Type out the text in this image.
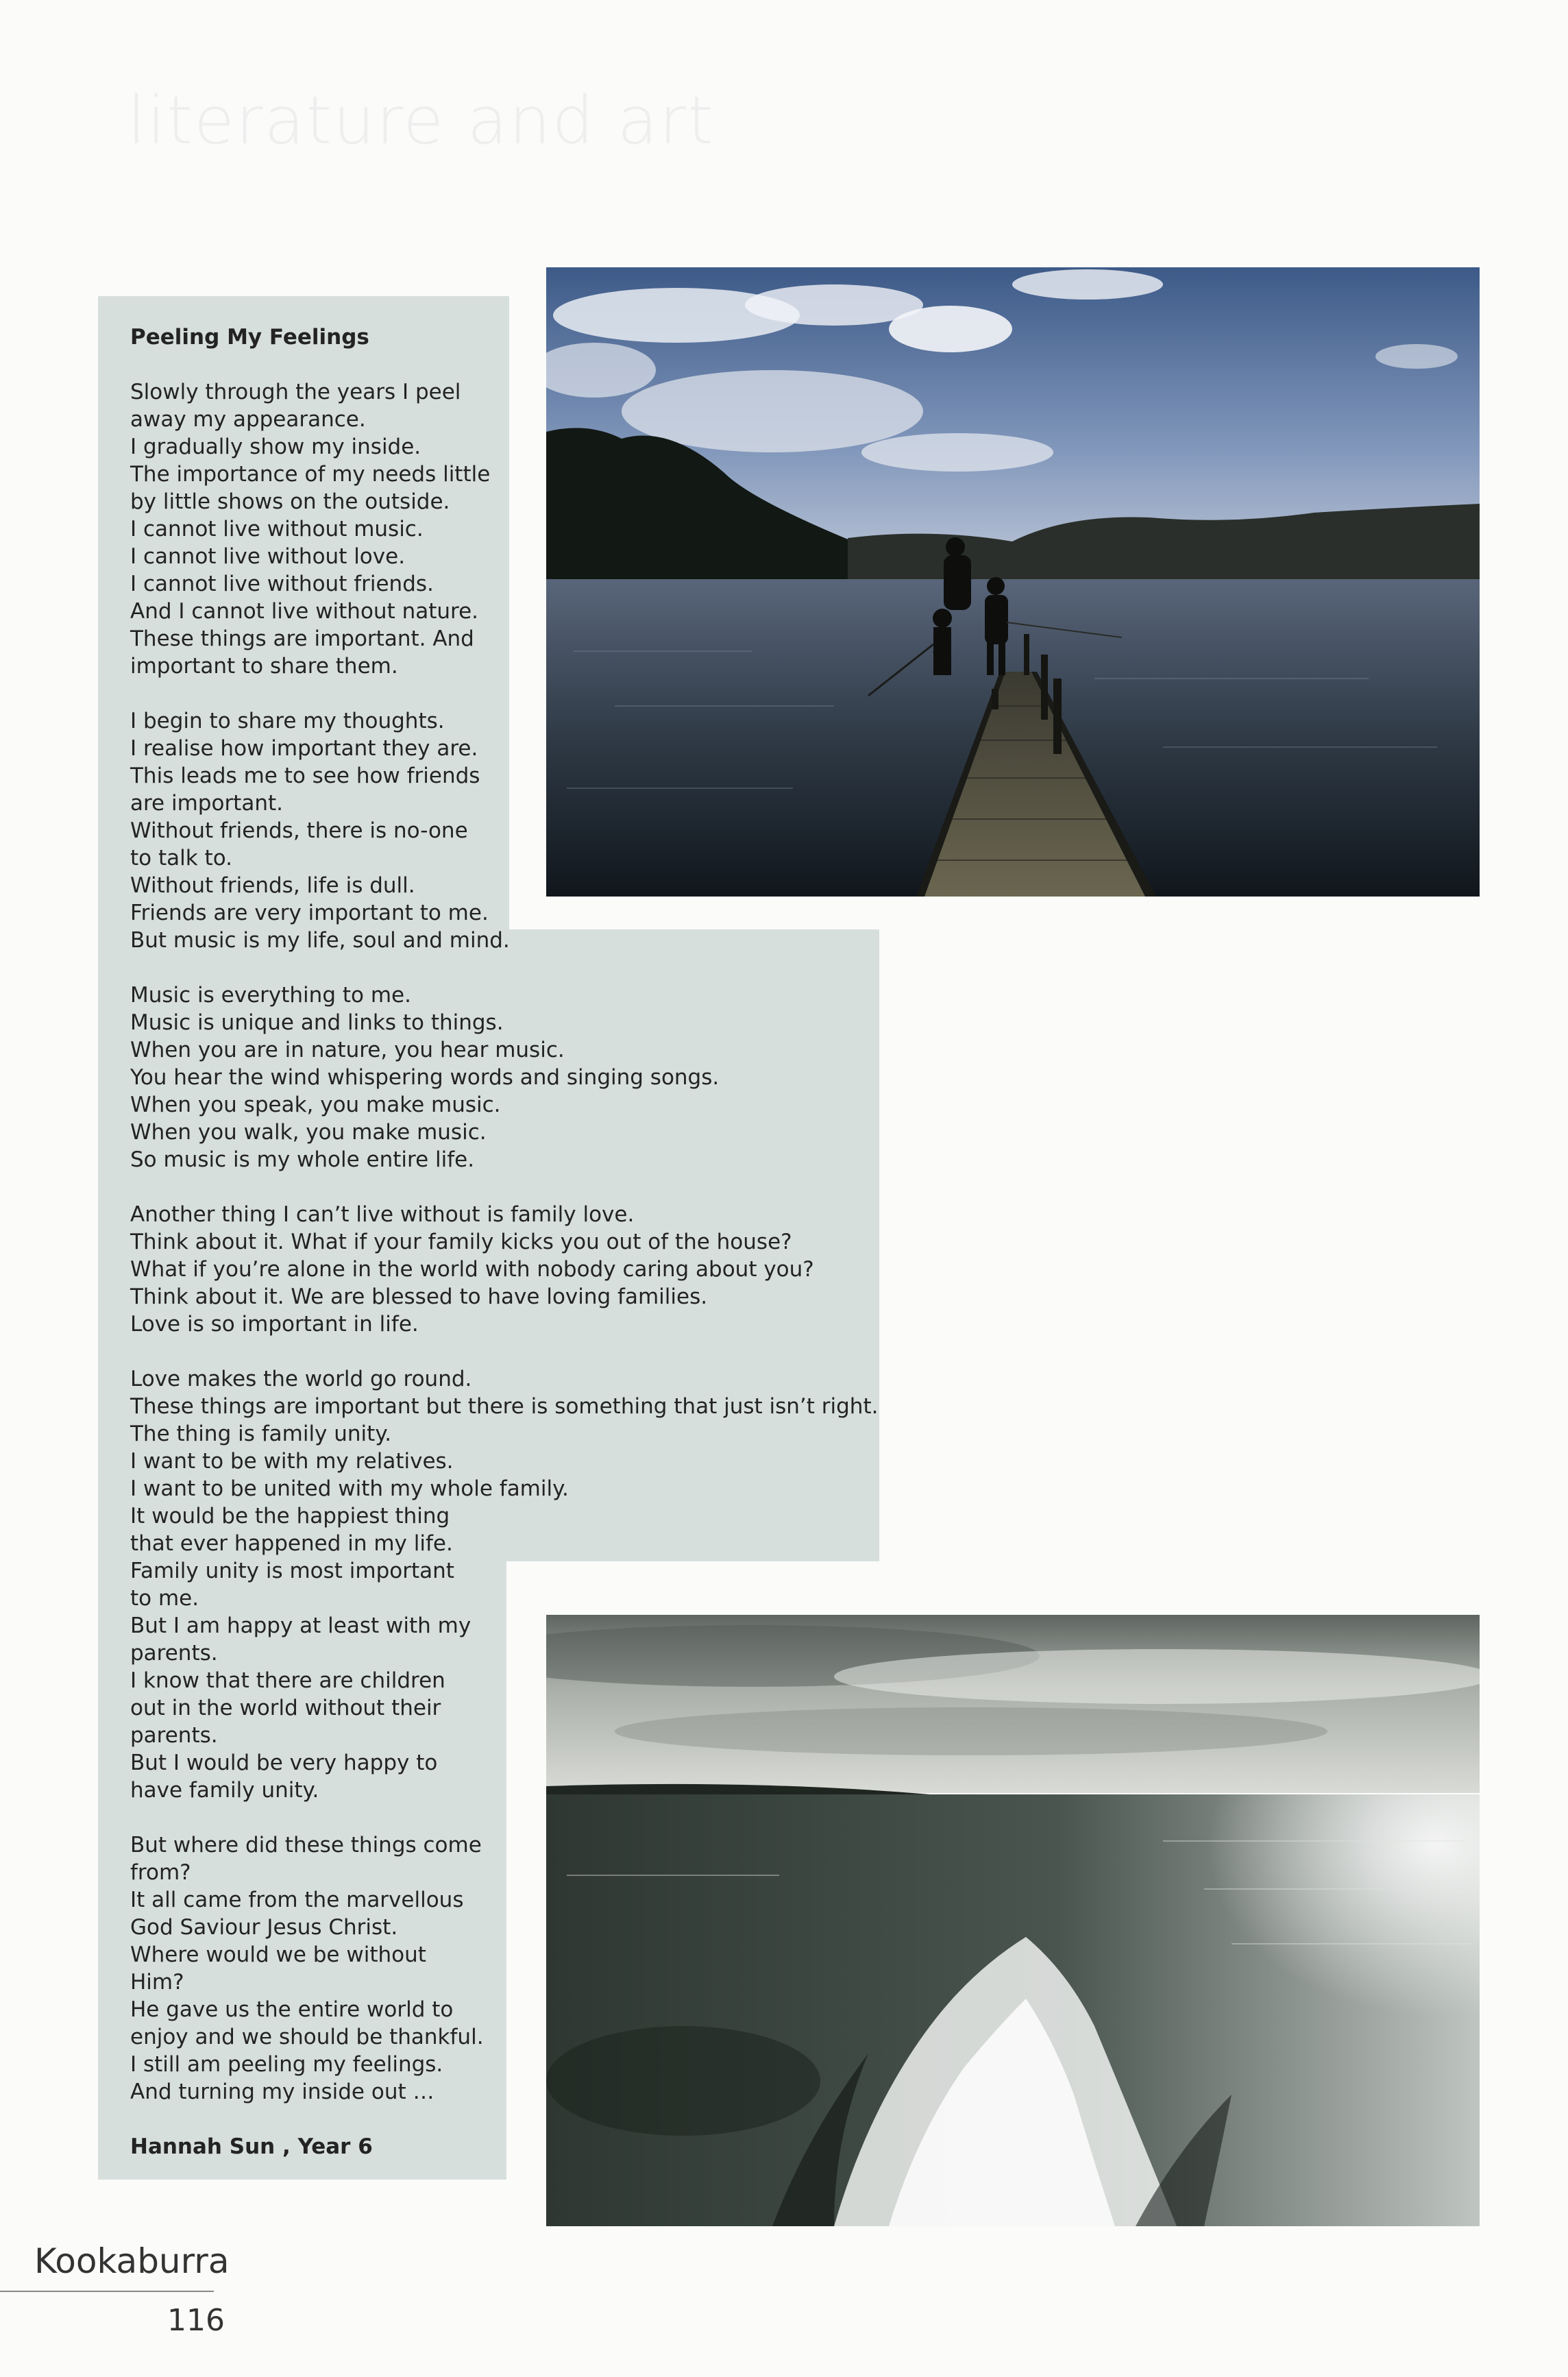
literature and art
Peeling My Feelings
Slowly through the years I peel
away my appearance.
I gradually show my inside.
The importance of my needs little
by little shows on the outside.
I cannot live without music.
I cannot live without love.
I cannot live without friends.
And I cannot live without nature.
These things are important. And
important to share them.
I begin to share my thoughts.
I realise how important they are.
This leads me to see how friends
are important.
Without friends, there is no-one
to talk to.
Without friends, life is dull.
Friends are very important to me.
But music is my life, soul and mind.
Music is everything to me.
Music is unique and links to things.
When you are in nature, you hear music.
You hear the wind whispering words and singing songs.
When you speak, you make music.
When you walk, you make music.
So music is my whole entire life.
Another thing I can’t live without is family love.
Think about it. What if your family kicks you out of the house?
What if you’re alone in the world with nobody caring about you?
Think about it. We are blessed to have loving families.
Love is so important in life.
Love makes the world go round.
These things are important but there is something that just isn’t right.
The thing is family unity.
I want to be with my relatives.
I want to be united with my whole family.
It would be the happiest thing
that ever happened in my life.
Family unity is most important
to me.
But I am happy at least with my
parents.
I know that there are children
out in the world without their
parents.
But I would be very happy to
have family unity.
But where did these things come
from?
It all came from the marvellous
God Saviour Jesus Christ.
Where would we be without
Him?
He gave us the entire world to
enjoy and we should be thankful.
I still am peeling my feelings.
And turning my inside out …
Hannah Sun , Year 6
Kookaburra
116
